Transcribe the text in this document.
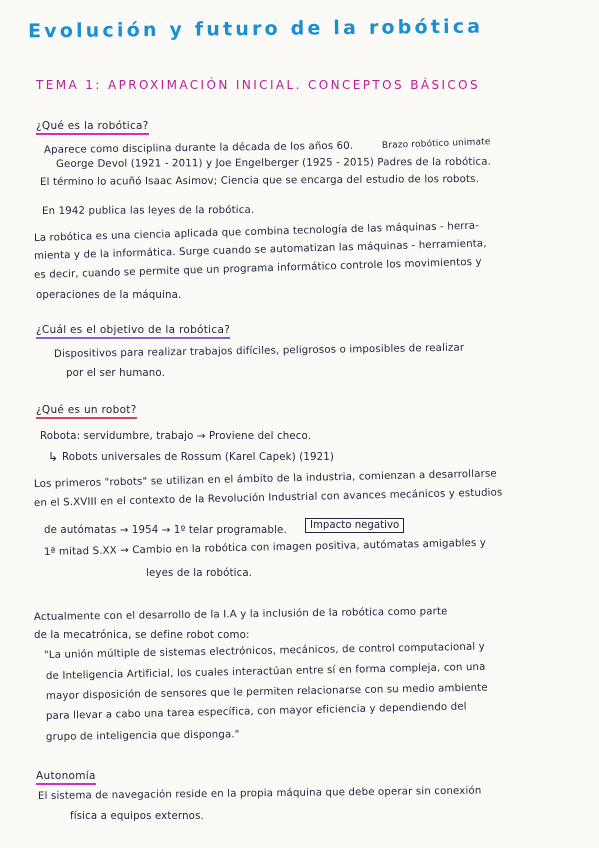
Evolución y futuro de la robótica
TEMA 1: APROXIMACIÓN INICIAL. CONCEPTOS BÁSICOS
¿Qué es la robótica?
Aparece como disciplina durante la década de los años 60.	Brazo robótico unimate
George Devol (1921 - 2011) y Joe Engelberger (1925 - 2015) Padres de la robótica.
El término lo acuñó Isaac Asimov; Ciencia que se encarga del estudio de los robots.
En 1942 publica las leyes de la robótica.
La robótica es una ciencia aplicada que combina tecnología de las máquinas - herra-
mienta y de la informática. Surge cuando se automatizan las máquinas - herramienta,
es decir, cuando se permite que un programa informático controle los movimientos y
operaciones de la máquina.
¿Cuál es el objetivo de la robótica?
Dispositivos para realizar trabajos difíciles, peligrosos o imposibles de realizar
por el ser humano.
¿Qué es un robot?
Robota: servidumbre, trabajo → Proviene del checo.
↳ Robots universales de Rossum (Karel Capek) (1921)
Los primeros "robots" se utilizan en el ámbito de la industria, comienzan a desarrollarse
en el S.XVIII en el contexto de la Revolución Industrial con avances mecánicos y estudios
de autómatas → 1954 → 1º telar programable.	Impacto negativo
1ª mitad S.XX → Cambio en la robótica con imagen positiva, autómatas amigables y
leyes de la robótica.
Actualmente con el desarrollo de la I.A y la inclusión de la robótica como parte
de la mecatrónica, se define robot como:
"La unión múltiple de sistemas electrónicos, mecánicos, de control computacional y
de Inteligencia Artificial, los cuales interactúan entre sí en forma compleja, con una
mayor disposición de sensores que le permiten relacionarse con su medio ambiente
para llevar a cabo una tarea específica, con mayor eficiencia y dependiendo del
grupo de inteligencia que disponga."
Autonomía
El sistema de navegación reside en la propia máquina que debe operar sin conexión
física a equipos externos.
